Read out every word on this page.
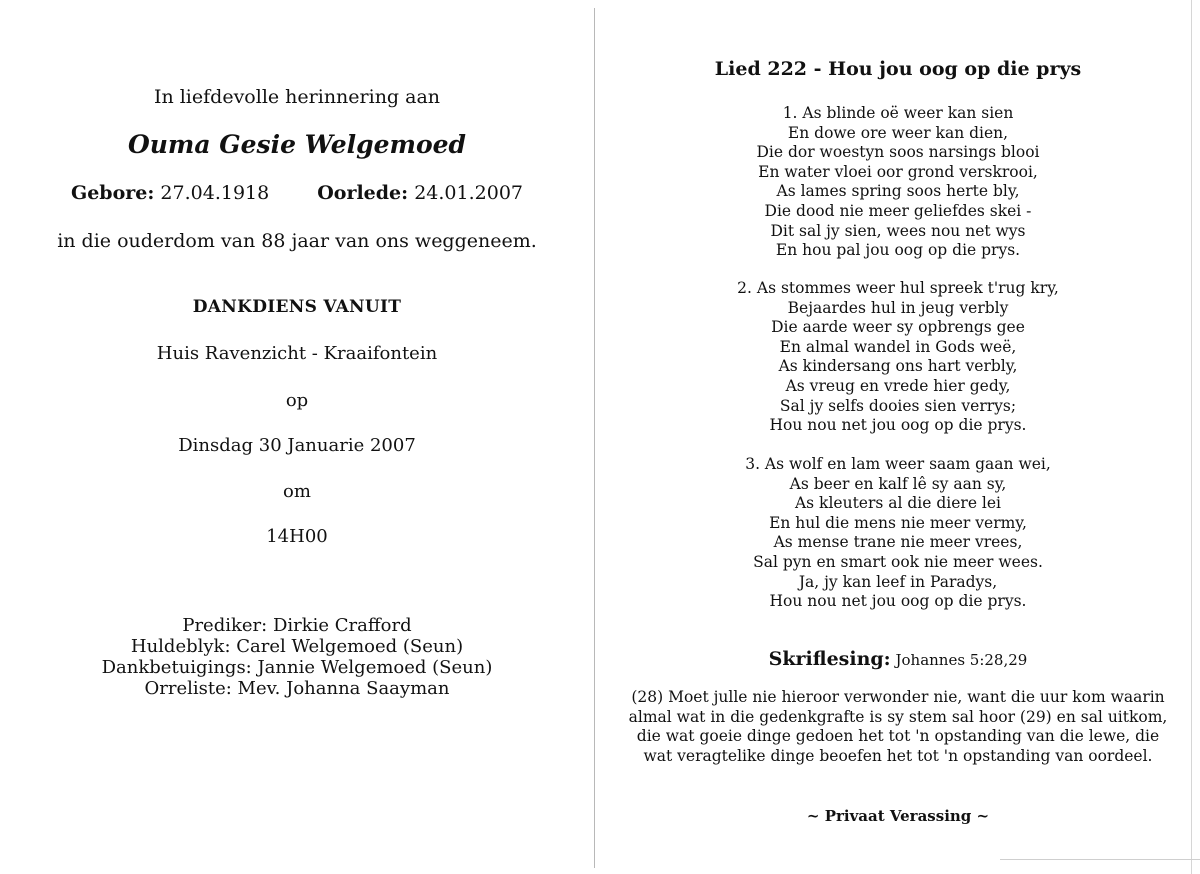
In liefdevolle herinnering aan
Ouma Gesie Welgemoed
Gebore: 27.04.1918	Oorlede: 24.01.2007
in die ouderdom van 88 jaar van ons weggeneem.
DANKDIENS VANUIT
Huis Ravenzicht - Kraaifontein
op
Dinsdag 30 Januarie 2007
om
14H00
Prediker: Dirkie Crafford
Huldeblyk: Carel Welgemoed (Seun)
Dankbetuigings: Jannie Welgemoed (Seun)
Orreliste: Mev. Johanna Saayman
Lied 222 - Hou jou oog op die prys
1. As blinde oë weer kan sien
En dowe ore weer kan dien,
Die dor woestyn soos narsings blooi
En water vloei oor grond verskrooi,
As lames spring soos herte bly,
Die dood nie meer geliefdes skei -
Dit sal jy sien, wees nou net wys
En hou pal jou oog op die prys.
2. As stommes weer hul spreek t'rug kry,
Bejaardes hul in jeug verbly
Die aarde weer sy opbrengs gee
En almal wandel in Gods weë,
As kindersang ons hart verbly,
As vreug en vrede hier gedy,
Sal jy selfs dooies sien verrys;
Hou nou net jou oog op die prys.
3. As wolf en lam weer saam gaan wei,
As beer en kalf lê sy aan sy,
As kleuters al die diere lei
En hul die mens nie meer vermy,
As mense trane nie meer vrees,
Sal pyn en smart ook nie meer wees.
Ja, jy kan leef in Paradys,
Hou nou net jou oog op die prys.
Skriflesing: Johannes 5:28,29
(28) Moet julle nie hieroor verwonder nie, want die uur kom waarin
almal wat in die gedenkgrafte is sy stem sal hoor (29) en sal uitkom,
die wat goeie dinge gedoen het tot 'n opstanding van die lewe, die
wat veragtelike dinge beoefen het tot 'n opstanding van oordeel.
~ Privaat Verassing ~
